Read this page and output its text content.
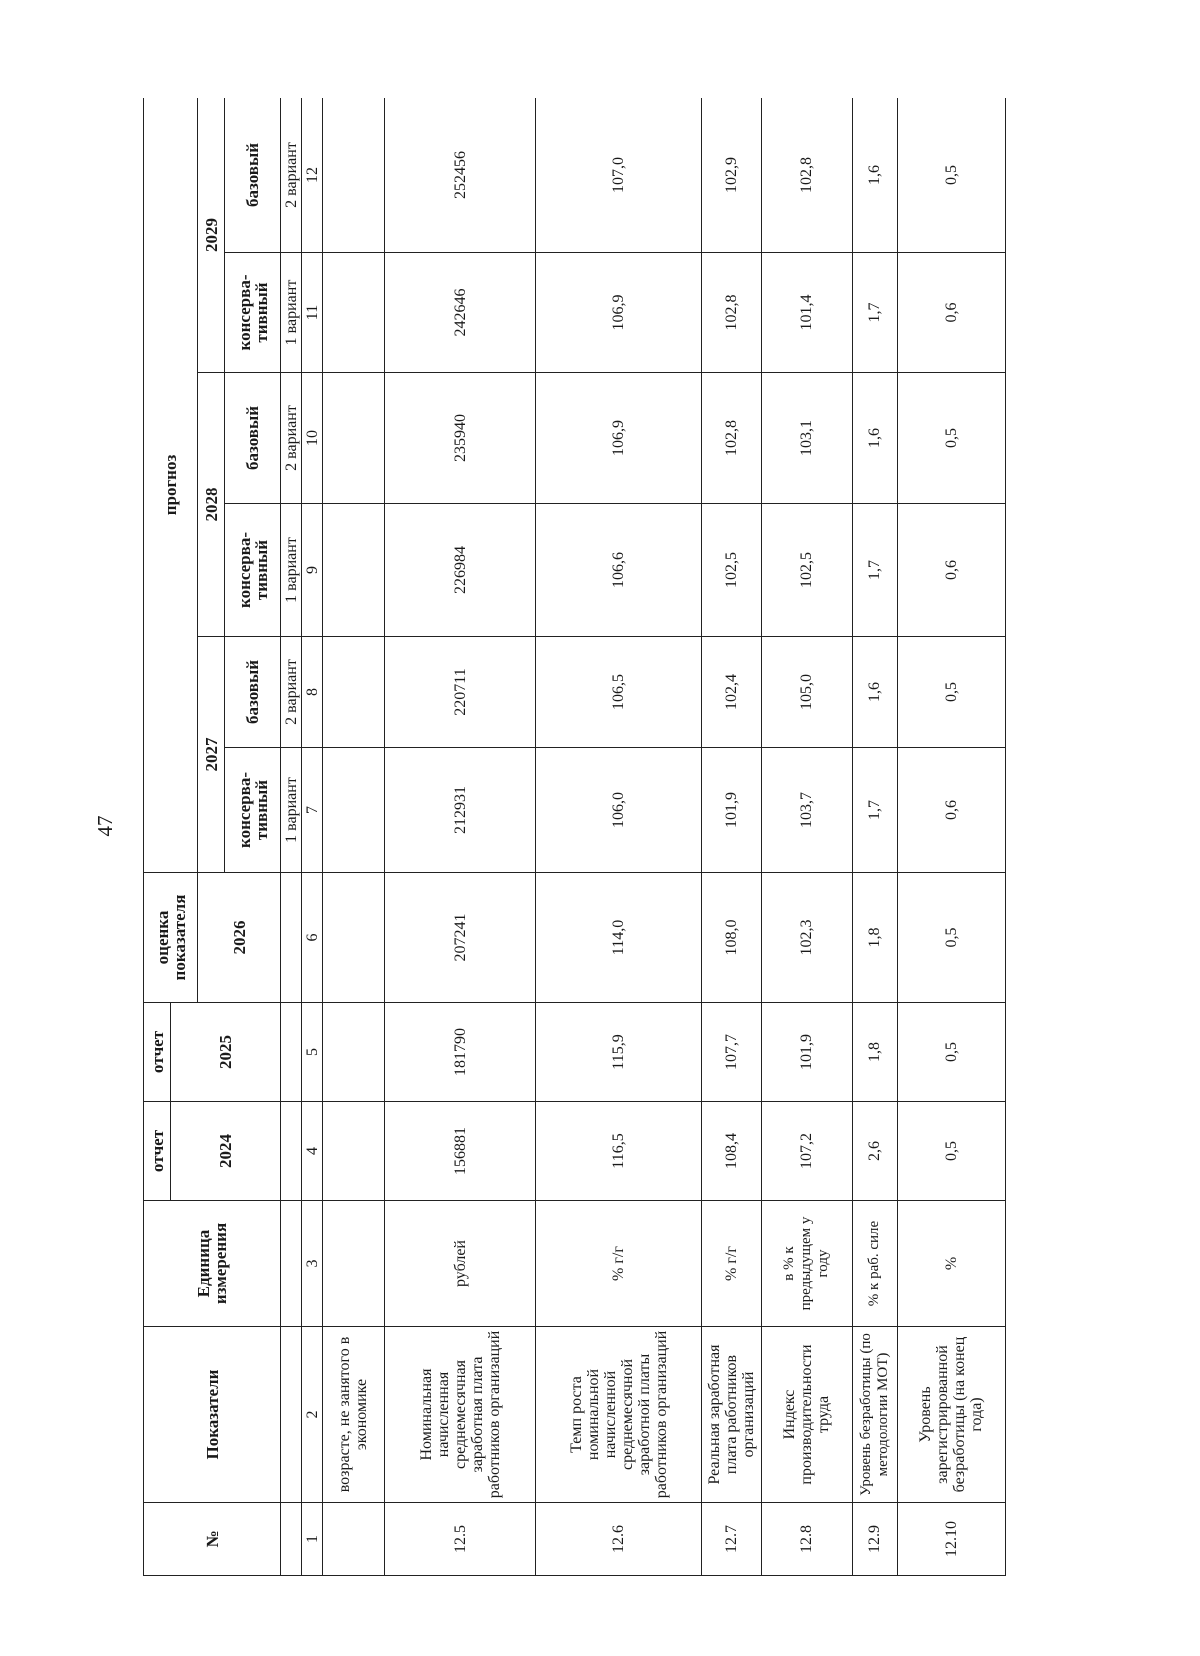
47
№	Показатели	Единица измерения	отчет	отчет	оценка показателя	прогноз					
			2024	2025							
					2026	2027		2028		2029	
						консерва-тивный	базовый	консерва-тивный	базовый	консерва-тивный	базовый
						1 вариант	2 вариант	1 вариант	2 вариант	1 вариант	2 вариант
1	2	3	4	5	6	7	8	9	10	11	12
	возрасте, не занятого в экономике										
12.5	Номинальная начисленная среднемесячная заработная плата работников организаций	рублей	156881	181790	207241	212931	220711	226984	235940	242646	252456
12.6	Темп роста номинальной начисленной среднемесячной заработной платы работников организаций	% г/г	116,5	115,9	114,0	106,0	106,5	106,6	106,9	106,9	107,0
12.7	Реальная заработная плата работников организаций	% г/г	108,4	107,7	108,0	101,9	102,4	102,5	102,8	102,8	102,9
12.8	Индекс производительности труда	в % к предыдущем у году	107,2	101,9	102,3	103,7	105,0	102,5	103,1	101,4	102,8
12.9	Уровень безработицы (по методологии МОТ)	% к раб. силе	2,6	1,8	1,8	1,7	1,6	1,7	1,6	1,7	1,6
12.10	Уровень зарегистрированной безработицы (на конец года)	%	0,5	0,5	0,5	0,6	0,5	0,6	0,5	0,6	0,5
